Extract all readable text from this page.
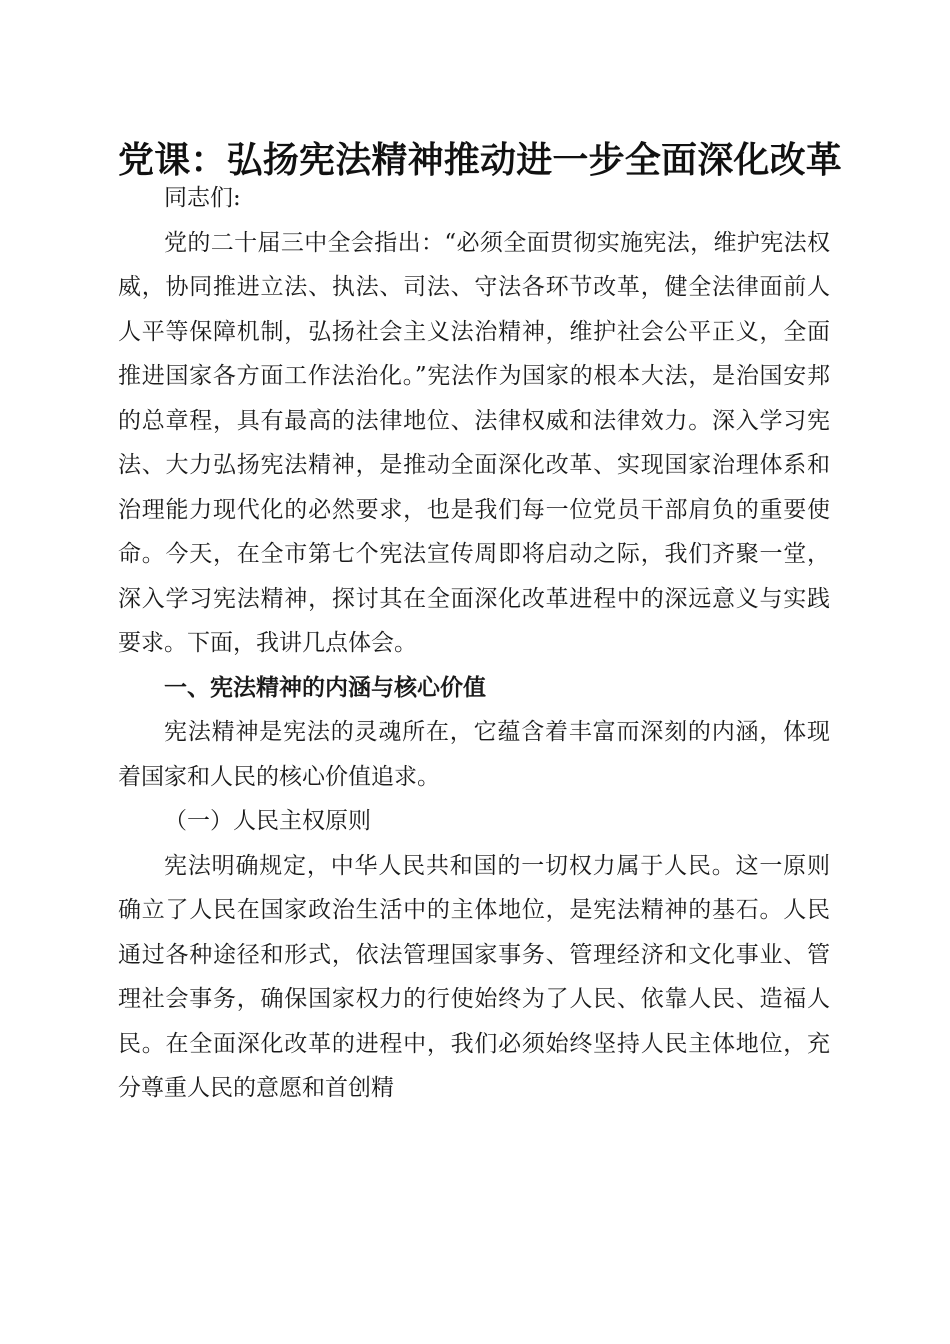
党课：弘扬宪法精神推动进一步全面深化改革

同志们:

党的二十届三中全会指出：“必须全面贯彻实施宪法，维护宪法权威，协同推进立法、执法、司法、守法各环节改革，健全法律面前人人平等保障机制，弘扬社会主义法治精神，维护社会公平正义，全面推进国家各方面工作法治化。”宪法作为国家的根本大法，是治国安邦的总章程，具有最高的法律地位、法律权威和法律效力。深入学习宪法、大力弘扬宪法精神，是推动全面深化改革、实现国家治理体系和治理能力现代化的必然要求，也是我们每一位党员干部肩负的重要使命。今天，在全市第七个宪法宣传周即将启动之际，我们齐聚一堂，深入学习宪法精神，探讨其在全面深化改革进程中的深远意义与实践要求。下面，我讲几点体会。

一、宪法精神的内涵与核心价值

宪法精神是宪法的灵魂所在，它蕴含着丰富而深刻的内涵，体现着国家和人民的核心价值追求。

（一）人民主权原则

宪法明确规定，中华人民共和国的一切权力属于人民。这一原则确立了人民在国家政治生活中的主体地位，是宪法精神的基石。人民通过各种途径和形式，依法管理国家事务、管理经济和文化事业、管理社会事务，确保国家权力的行使始终为了人民、依靠人民、造福人民。在全面深化改革的进程中，我们必须始终坚持人民主体地位，充分尊重人民的意愿和首创精
